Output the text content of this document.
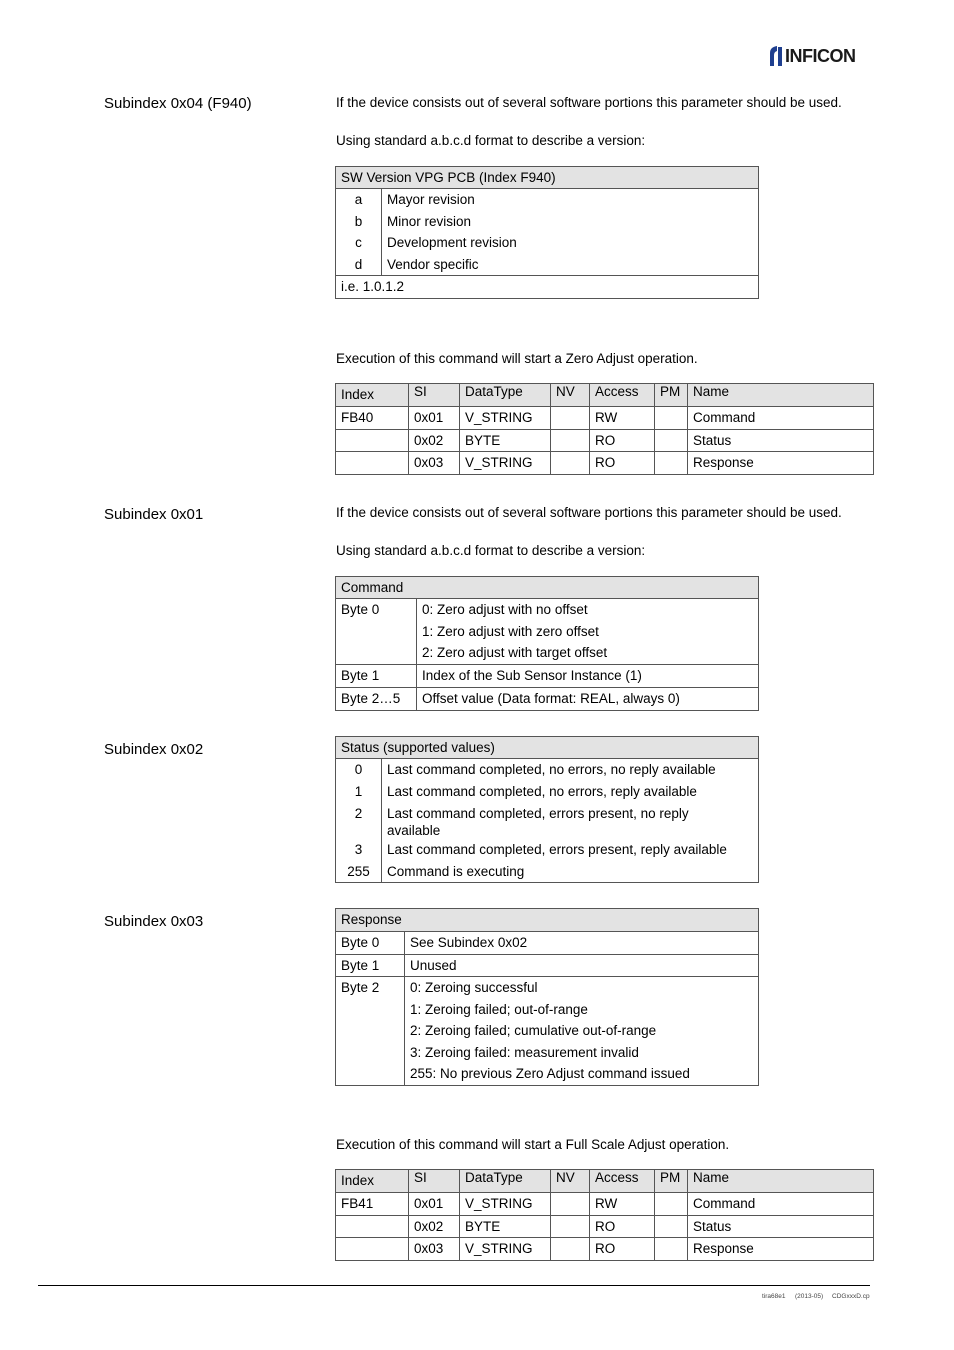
INFICON
Subindex 0x04 (F940)	If the device consists out of several software portions this parameter should be used.
Using standard a.b.c.d format to describe a version:
SW Version VPG PCB (Index F940)	
a	Mayor revision
b	Minor revision
c	Development revision
d	Vendor specific
i.e. 1.0.1.2	
Execution of this command will start a Zero Adjust operation.
Index	SI	DataType	NV	Access	PM	Name
FB40	0x01	V_STRING		RW		Command
	0x02	BYTE		RO		Status
	0x03	V_STRING		RO		Response
Subindex 0x01	If the device consists out of several software portions this parameter should be used.
Using standard a.b.c.d format to describe a version:
Command	
Byte 0	0: Zero adjust with no offset
1: Zero adjust with zero offset
2: Zero adjust with target offset

Byte 1	Index of the Sub Sensor Instance (1)
Byte 2…5	Offset value (Data format: REAL, always 0)
Subindex 0x02	Status (supported values)	
0	Last command completed, no errors, no reply available
1	Last command completed, no errors, reply available
2	Last command completed, errors present, no reply available
3	Last command completed, errors present, reply available
255	Command is executing
Subindex 0x03	Response	
Byte 0	See Subindex 0x02
Byte 1	Unused
Byte 2	0: Zeroing successful
1: Zeroing failed; out-of-range
2: Zeroing failed; cumulative out-of-range
3: Zeroing failed: measurement invalid
255: No previous Zero Adjust command issued
Execution of this command will start a Full Scale Adjust operation.
Index	SI	DataType	NV	Access	PM	Name
FB41	0x01	V_STRING		RW		Command
	0x02	BYTE		RO		Status
	0x03	V_STRING		RO		Response
tira68e1 (2013-05) CDGxxxD.cp
